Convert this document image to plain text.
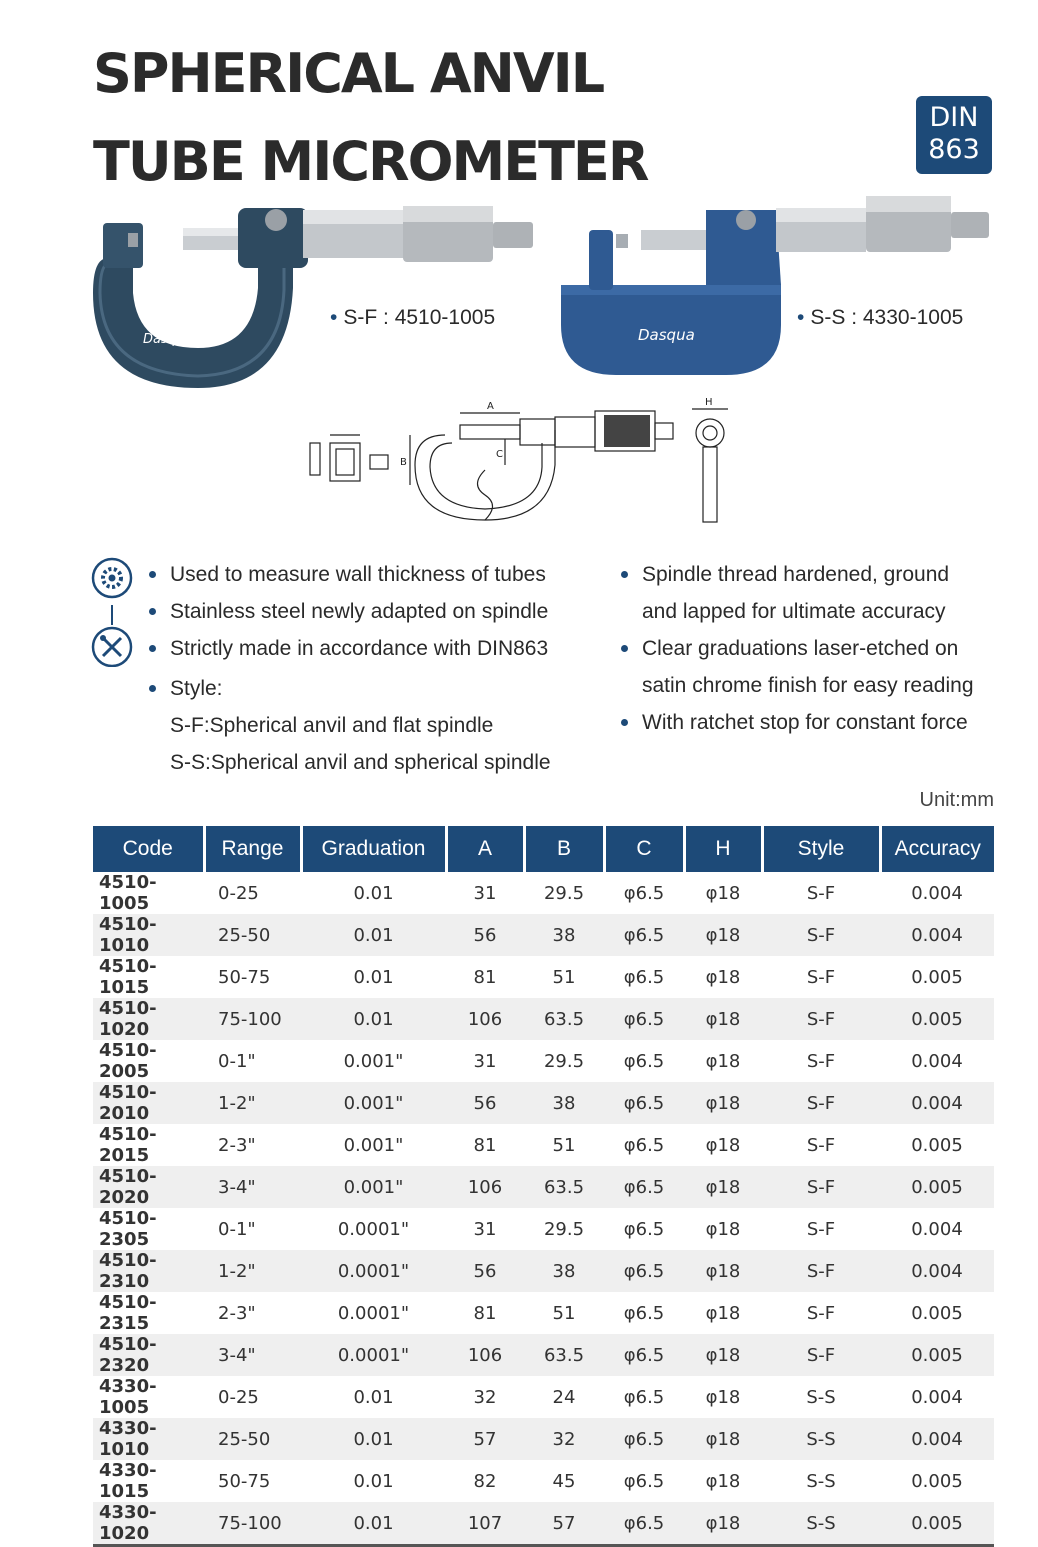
SPHERICAL ANVIL
TUBE MICROMETER
DIN
863
Dasqua
• S-F : 4510-1005
Dasqua
• S-S : 4330-1005
A
B
C
H
Used to measure wall thickness of tubes
Stainless steel newly adapted on spindle
Strictly made in accordance with DIN863
Style:
S-F:Spherical anvil and flat spindle
S-S:Spherical anvil and spherical spindle
Spindle thread hardened, ground
and lapped for ultimate accuracy
Clear graduations laser-etched on
satin chrome finish for easy reading
With ratchet stop for constant force
Unit:mm
Code	Range	Graduation	A	B	C	H	Style	Accuracy
4510-1005	0-25	0.01	31	29.5	φ6.5	φ18	S-F	0.004
4510-1010	25-50	0.01	56	38	φ6.5	φ18	S-F	0.004
4510-1015	50-75	0.01	81	51	φ6.5	φ18	S-F	0.005
4510-1020	75-100	0.01	106	63.5	φ6.5	φ18	S-F	0.005
4510-2005	0-1"	0.001"	31	29.5	φ6.5	φ18	S-F	0.004
4510-2010	1-2"	0.001"	56	38	φ6.5	φ18	S-F	0.004
4510-2015	2-3"	0.001"	81	51	φ6.5	φ18	S-F	0.005
4510-2020	3-4"	0.001"	106	63.5	φ6.5	φ18	S-F	0.005
4510-2305	0-1"	0.0001"	31	29.5	φ6.5	φ18	S-F	0.004
4510-2310	1-2"	0.0001"	56	38	φ6.5	φ18	S-F	0.004
4510-2315	2-3"	0.0001"	81	51	φ6.5	φ18	S-F	0.005
4510-2320	3-4"	0.0001"	106	63.5	φ6.5	φ18	S-F	0.005
4330-1005	0-25	0.01	32	24	φ6.5	φ18	S-S	0.004
4330-1010	25-50	0.01	57	32	φ6.5	φ18	S-S	0.004
4330-1015	50-75	0.01	82	45	φ6.5	φ18	S-S	0.005
4330-1020	75-100	0.01	107	57	φ6.5	φ18	S-S	0.005
